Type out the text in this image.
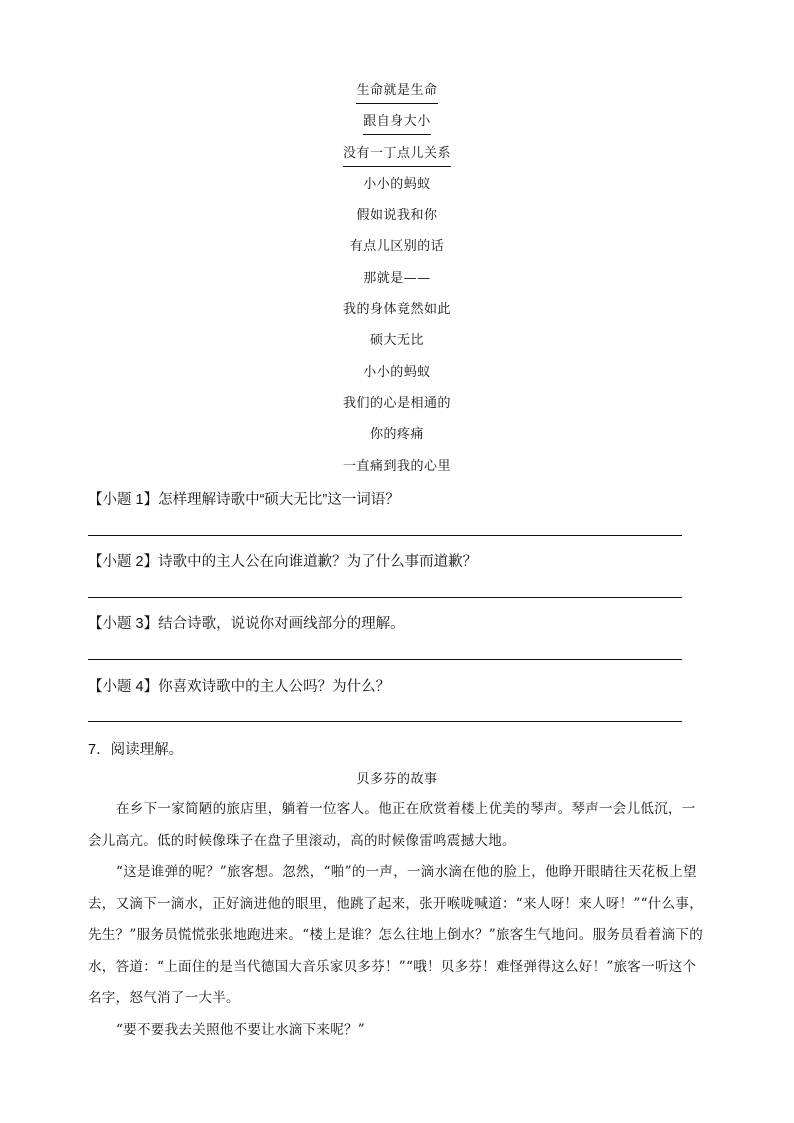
生命就是生命
跟自身大小
没有一丁点儿关系
小小的蚂蚁
假如说我和你
有点儿区别的话
那就是——
我的身体竟然如此
硕大无比
小小的蚂蚁
我们的心是相通的
你的疼痛
一直痛到我的心里
【小题 1】怎样理解诗歌中“硕大无比”这一词语？
【小题 2】诗歌中的主人公在向谁道歉？为了什么事而道歉？
【小题 3】结合诗歌，说说你对画线部分的理解。
【小题 4】你喜欢诗歌中的主人公吗？为什么？
7．阅读理解。
贝多芬的故事

在乡下一家简陋的旅店里，躺着一位客人。他正在欣赏着楼上优美的琴声。琴声一会儿低沉，一会儿高亢。低的时候像珠子在盘子里滚动，高的时候像雷鸣震撼大地。

“这是谁弹的呢？”旅客想。忽然，“啪”的一声，一滴水滴在他的脸上，他睁开眼睛往天花板上望去，又滴下一滴水，正好滴进他的眼里，他跳了起来，张开喉咙喊道：“来人呀！来人呀！”“什么事，先生？”服务员慌慌张张地跑进来。“楼上是谁？怎么往地上倒水？”旅客生气地问。服务员看着滴下的水，答道：“上面住的是当代德国大音乐家贝多芬！”“哦！贝多芬！难怪弹得这么好！”旅客一听这个名字，怒气消了一大半。

“要不要我去关照他不要让水滴下来呢？”
